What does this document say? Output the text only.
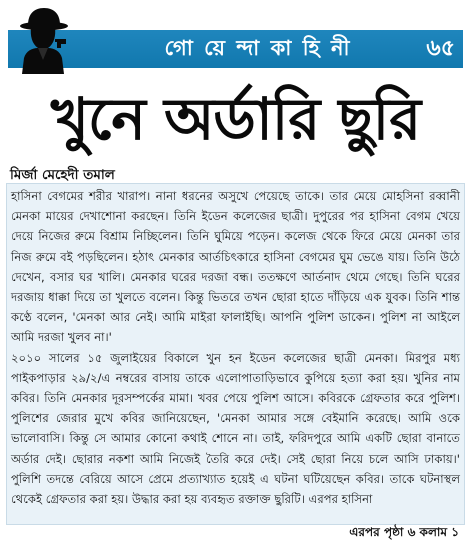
গো য়ে ন্দা কা হি নী	৬৫
খুনে অর্ডারি ছুরি
মির্জা মেহেদী তমাল

হাসিনা বেগমের শরীর খারাপ। নানা ধরনের অসুখে পেয়েছে তাকে। তার মেয়ে মোহসিনা রব্বানী মেনকা মায়ের দেখাশোনা করছেন। তিনি ইডেন কলেজের ছাত্রী। দুপুরের পর হাসিনা বেগম খেয়ে দেয়ে নিজের রুমে বিশ্রাম নিচ্ছিলেন। তিনি ঘুমিয়ে পড়েন। কলেজ থেকে ফিরে মেয়ে মেনকা তার নিজ রুমে বই পড়ছিলেন। হঠাৎ মেনকার আর্তচিৎকারে হাসিনা বেগমের ঘুম ভেঙে যায়। তিনি উঠে দেখেন, বসার ঘর খালি। মেনকার ঘরের দরজা বন্ধ। ততক্ষণে আর্তনাদ থেমে গেছে। তিনি ঘরের দরজায় ধাক্কা দিয়ে তা খুলতে বলেন। কিন্তু ভিতরে তখন ছোরা হাতে দাঁড়িয়ে এক যুবক। তিনি শান্ত কণ্ঠে বলেন, 'মেনকা আর নেই। আমি মাইরা ফালাইছি। আপনি পুলিশ ডাকেন। পুলিশ না আইলে আমি দরজা খুলব না।'

২০১০ সালের ১৫ জুলাইয়ের বিকালে খুন হন ইডেন কলেজের ছাত্রী মেনকা। মিরপুর মধ্য পাইকপাড়ার ২৯/২/এ নম্বরের বাসায় তাকে এলোপাতাড়িভাবে কুপিয়ে হত্যা করা হয়। খুনির নাম কবির। তিনি মেনকার দূরসম্পর্কের মামা। খবর পেয়ে পুলিশ আসে। কবিরকে গ্রেফতার করে পুলিশ। পুলিশের জেরার মুখে কবির জানিয়েছেন, 'মেনকা আমার সঙ্গে বেইমানি করেছে। আমি ওকে ভালোবাসি। কিন্তু সে আমার কোনো কথাই শোনে না। তাই, ফরিদপুরে আমি একটি ছোরা বানাতে অর্ডার দেই। ছোরার নকশা আমি নিজেই তৈরি করে দেই। সেই ছোরা নিয়ে চলে আসি ঢাকায়।' পুলিশি তদন্তে বেরিয়ে আসে প্রেমে প্রত্যাখ্যাত হয়েই এ ঘটনা ঘটিয়েছেন কবির। তাকে ঘটনাস্থল থেকেই গ্রেফতার করা হয়। উদ্ধার করা হয় ব্যবহৃত রক্তাক্ত ছুরিটি। এরপর হাসিনা

এরপর পৃষ্ঠা ৬ কলাম ১
